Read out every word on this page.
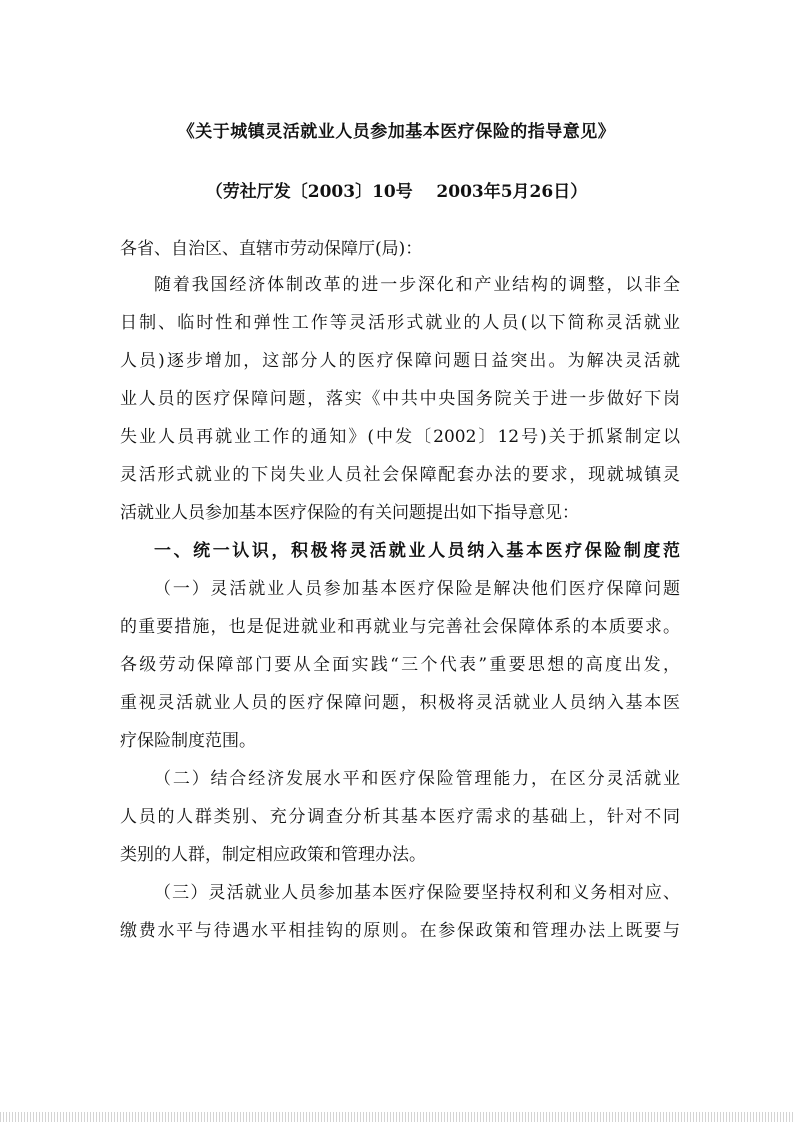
《关于城镇灵活就业人员参加基本医疗保险的指导意见》
（劳社厅发〔2003〕10号    2003年5月26日）
各省、自治区、直辖市劳动保障厅(局)：
随着我国经济体制改革的进一步深化和产业结构的调整，以非全
日制、临时性和弹性工作等灵活形式就业的人员(以下简称灵活就业
人员)逐步增加，这部分人的医疗保障问题日益突出。为解决灵活就
业人员的医疗保障问题，落实《中共中央国务院关于进一步做好下岗
失业人员再就业工作的通知》(中发〔2002〕12号)关于抓紧制定以
灵活形式就业的下岗失业人员社会保障配套办法的要求，现就城镇灵
活就业人员参加基本医疗保险的有关问题提出如下指导意见：
一、统一认识，积极将灵活就业人员纳入基本医疗保险制度范
（一）灵活就业人员参加基本医疗保险是解决他们医疗保障问题
的重要措施，也是促进就业和再就业与完善社会保障体系的本质要求。
各级劳动保障部门要从全面实践“三个代表”重要思想的高度出发，
重视灵活就业人员的医疗保障问题，积极将灵活就业人员纳入基本医
疗保险制度范围。
（二）结合经济发展水平和医疗保险管理能力，在区分灵活就业
人员的人群类别、充分调查分析其基本医疗需求的基础上，针对不同
类别的人群，制定相应政策和管理办法。
（三）灵活就业人员参加基本医疗保险要坚持权利和义务相对应、
缴费水平与待遇水平相挂钩的原则。在参保政策和管理办法上既要与
